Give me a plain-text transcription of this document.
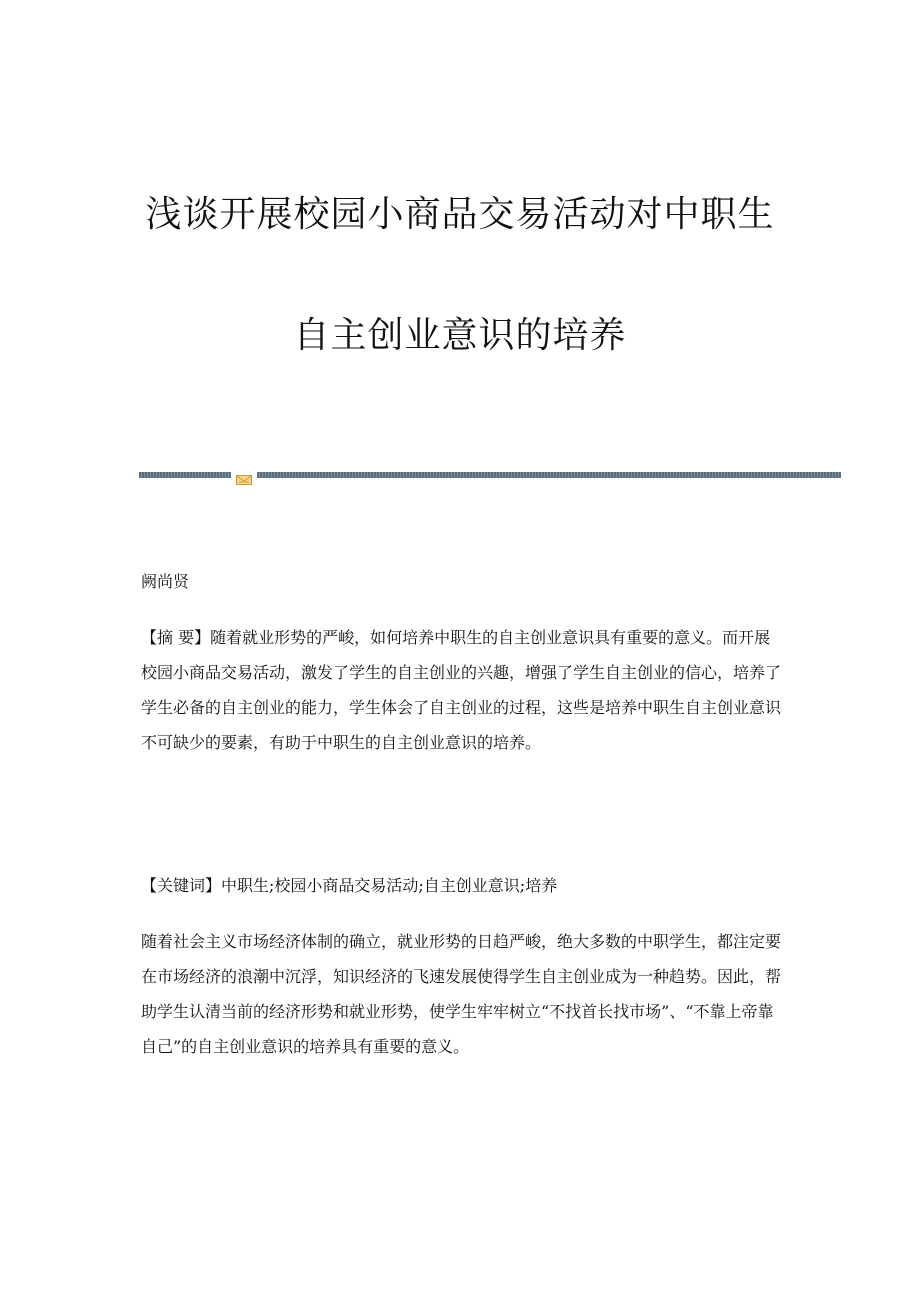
浅谈开展校园小商品交易活动对中职生
自主创业意识的培养

阙尚贤

【摘 要】随着就业形势的严峻，如何培养中职生的自主创业意识具有重要的意义。而开展校园小商品交易活动，激发了学生的自主创业的兴趣，增强了学生自主创业的信心，培养了学生必备的自主创业的能力，学生体会了自主创业的过程，这些是培养中职生自主创业意识不可缺少的要素，有助于中职生的自主创业意识的培养。

【关键词】中职生;校园小商品交易活动;自主创业意识;培养

随着社会主义市场经济体制的确立，就业形势的日趋严峻，绝大多数的中职学生，都注定要在市场经济的浪潮中沉浮，知识经济的飞速发展使得学生自主创业成为一种趋势。因此，帮助学生认清当前的经济形势和就业形势，使学生牢牢树立“不找首长找市场”、“不靠上帝靠自己”的自主创业意识的培养具有重要的意义。
